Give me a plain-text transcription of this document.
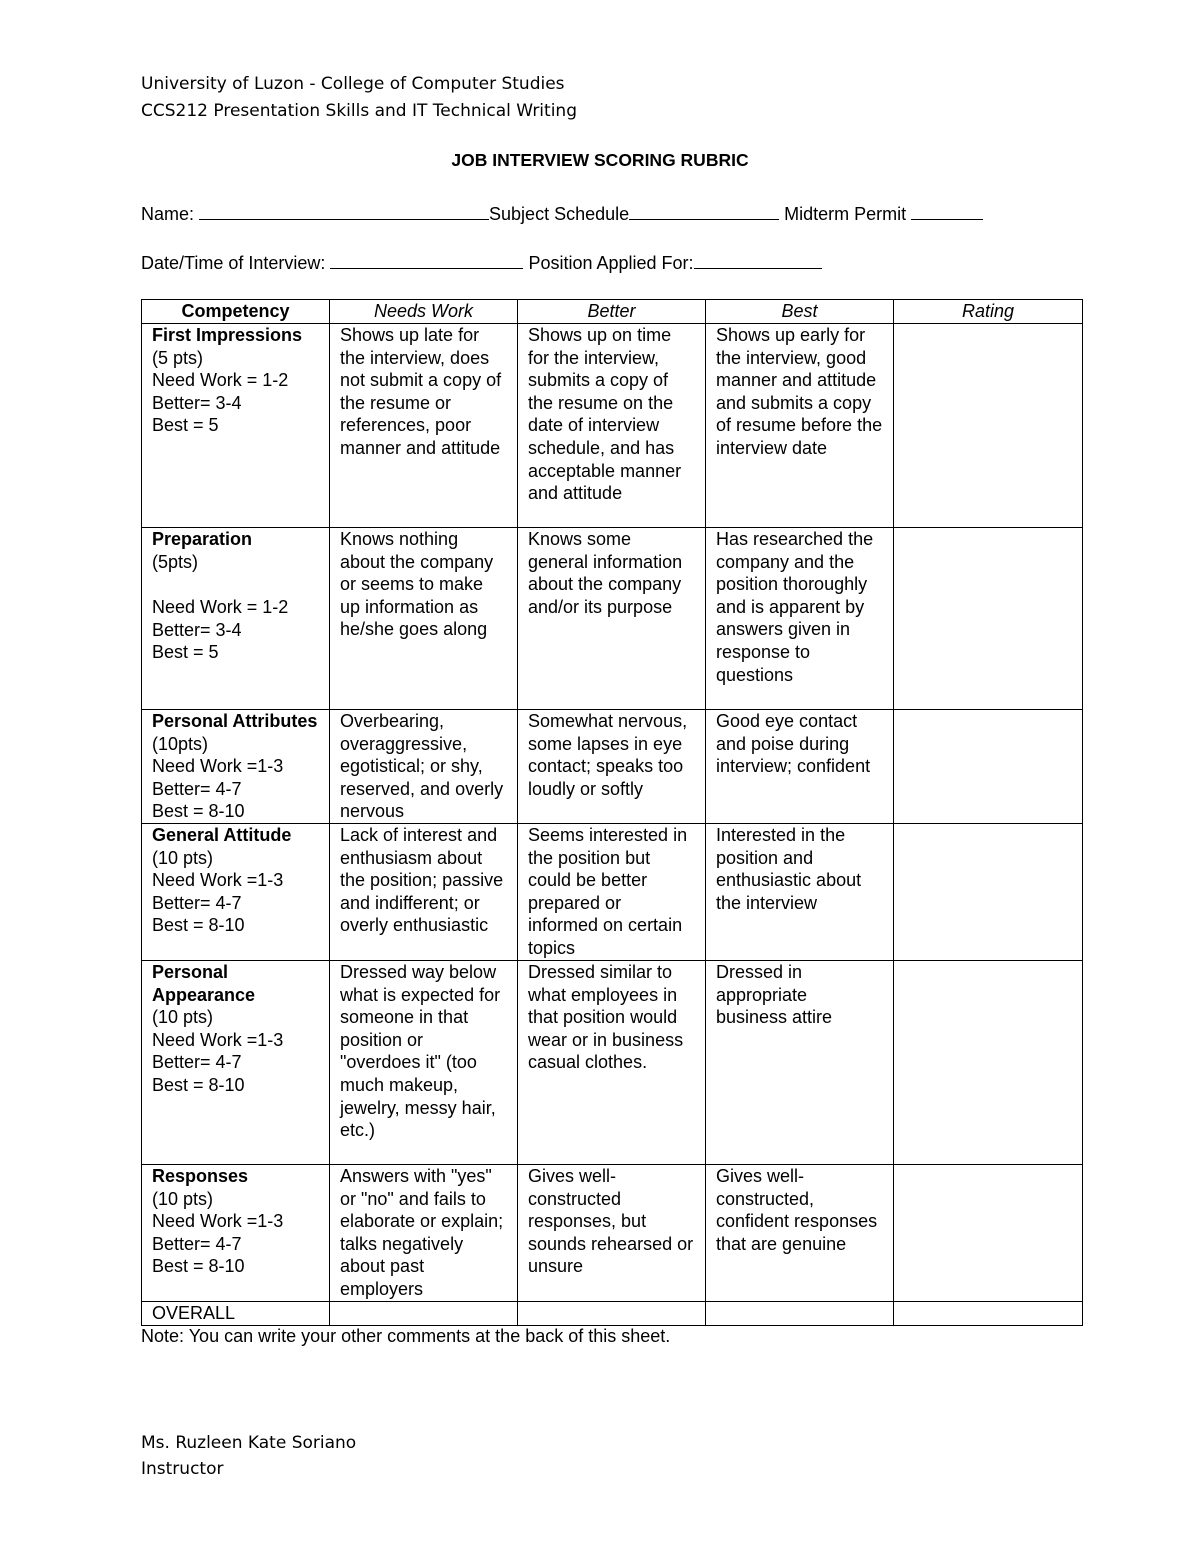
University of Luzon - College of Computer Studies
CCS212 Presentation Skills and IT Technical Writing
JOB INTERVIEW SCORING RUBRIC
Name:	Subject Schedule	Midterm Permit
Date/Time of Interview:	Position Applied For:
Competency	Needs Work	Better	Best	Rating

First Impressions
(5 pts)
Need Work = 1-2
Better= 3-4
Best = 5	Shows up late for the interview, does not submit a copy of the resume or references, poor manner and attitude	Shows up on time for the interview, submits a copy of the resume on the date of interview schedule, and has acceptable manner and attitude	Shows up early for the interview, good manner and attitude and submits a copy of resume before the interview date	

Preparation
(5pts)
Need Work = 1-2
Better= 3-4
Best = 5	Knows nothing about the company or seems to make up information as he/she goes along	Knows some general information about the company and/or its purpose	Has researched the company and the position thoroughly and is apparent by answers given in response to questions	
Personal Attributes (10pts)
Need Work =1-3
Better= 4-7
Best = 8-10	Overbearing, overaggressive, egotistical; or shy, reserved, and overly nervous	Somewhat nervous, some lapses in eye contact; speaks too loudly or softly	Good eye contact and poise during interview; confident	

General Attitude
(10 pts)
Need Work =1-3
Better= 4-7
Best = 8-10	Lack of interest and enthusiasm about the position; passive and indifferent; or overly enthusiastic	Seems interested in the position but could be better prepared or informed on certain topics	Interested in the position and enthusiastic about the interview	

Personal Appearance
(10 pts)
Need Work =1-3
Better= 4-7
Best = 8-10	Dressed way below what is expected for someone in that position or "overdoes it" (too much makeup, jewelry, messy hair, etc.)	Dressed similar to what employees in that position would wear or in business casual clothes.	Dressed in appropriate business attire	

Responses
(10 pts)
Need Work =1-3
Better= 4-7
Best = 8-10	Answers with "yes" or "no" and fails to elaborate or explain; talks negatively about past employers	Gives well-constructed responses, but sounds rehearsed or unsure	Gives well-constructed, confident responses that are genuine	
OVERALL				
Note: You can write your other comments at the back of this sheet.
Ms. Ruzleen Kate Soriano
Instructor
